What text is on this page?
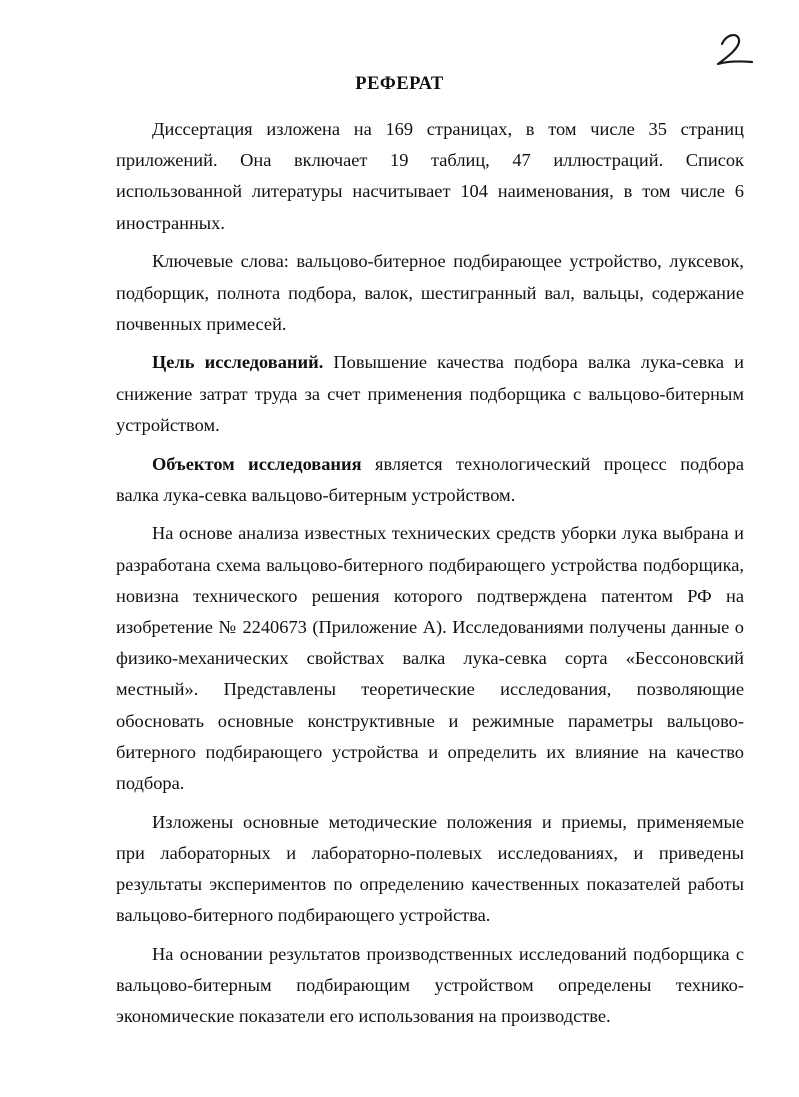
РЕФЕРАТ

Диссертация изложена на 169 страницах, в том числе 35 страниц приложений. Она включает 19 таблиц, 47 иллюстраций. Список использованной литературы насчитывает 104 наименования, в том числе 6 иностранных.

Ключевые слова: вальцово-битерное подбирающее устройство, луксевок, подборщик, полнота подбора, валок, шестигранный вал, вальцы, содержание почвенных примесей.

Цель исследований. Повышение качества подбора валка лука-севка и снижение затрат труда за счет применения подборщика с вальцово-битерным устройством.

Объектом исследования является технологический процесс подбора валка лука-севка вальцово-битерным устройством.

На основе анализа известных технических средств уборки лука выбрана и разработана схема вальцово-битерного подбирающего устройства подборщика, новизна технического решения которого подтверждена патентом РФ на изобретение № 2240673 (Приложение А). Исследованиями получены данные о физико-механических свойствах валка лука-севка сорта «Бессоновский местный». Представлены теоретические исследования, позволяющие обосновать основные конструктивные и режимные параметры вальцово-битерного подбирающего устройства и определить их влияние на качество подбора.

Изложены основные методические положения и приемы, применяемые при лабораторных и лабораторно-полевых исследованиях, и приведены результаты экспериментов по определению качественных показателей работы вальцово-битерного подбирающего устройства.

На основании результатов производственных исследований подборщика с вальцово-битерным подбирающим устройством определены технико-экономические показатели его использования на производстве.
